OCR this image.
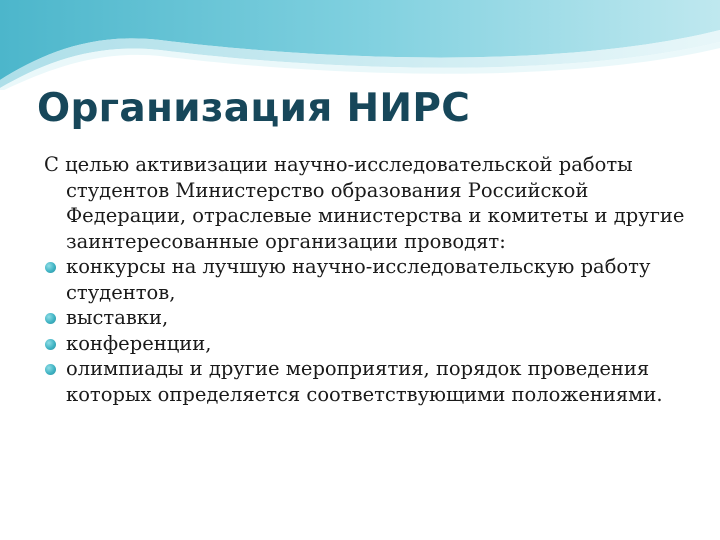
Организация НИРС

С целью активизации научно-исследовательской работы студентов Министерство образования Российской Федерации, отраслевые министерства и комитеты и другие заинтересованные организации проводят:

конкурсы на лучшую научно-исследовательскую работу студентов,
выставки,
конференции,
олимпиады и другие мероприятия, порядок проведения которых определяется соответствующими положениями.
